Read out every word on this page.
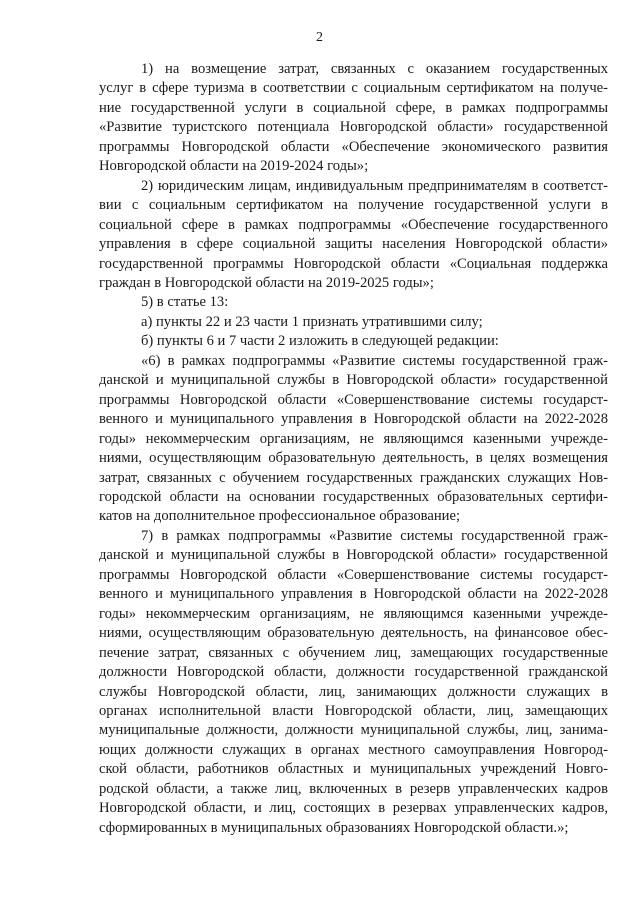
2
1) на возмещение затрат, связанных с оказанием государственных
услуг в сфере туризма в соответствии с социальным сертификатом на получе-
ние государственной услуги в социальной сфере, в рамках подпрограммы
«Развитие туристского потенциала Новгородской области» государственной
программы Новгородской области «Обеспечение экономического развития
Новгородской области на 2019-2024 годы»;
2) юридическим лицам, индивидуальным предпринимателям в соответст-
вии с социальным сертификатом на получение государственной услуги в
социальной сфере в рамках подпрограммы «Обеспечение государственного
управления в сфере социальной защиты населения Новгородской области»
государственной программы Новгородской области «Социальная поддержка
граждан в Новгородской области на 2019-2025 годы»;
5) в статье 13:
а) пункты 22 и 23 части 1 признать утратившими силу;
б) пункты 6 и 7 части 2 изложить в следующей редакции:
«6) в рамках подпрограммы «Развитие системы государственной граж-
данской и муниципальной службы в Новгородской области» государственной
программы Новгородской области «Совершенствование системы государст-
венного и муниципального управления в Новгородской области на 2022-2028
годы» некоммерческим организациям, не являющимся казенными учрежде-
ниями, осуществляющим образовательную деятельность, в целях возмещения
затрат, связанных с обучением государственных гражданских служащих Нов-
городской области на основании государственных образовательных сертифи-
катов на дополнительное профессиональное образование;
7) в рамках подпрограммы «Развитие системы государственной граж-
данской и муниципальной службы в Новгородской области» государственной
программы Новгородской области «Совершенствование системы государст-
венного и муниципального управления в Новгородской области на 2022-2028
годы» некоммерческим организациям, не являющимся казенными учрежде-
ниями, осуществляющим образовательную деятельность, на финансовое обес-
печение затрат, связанных с обучением лиц, замещающих государственные
должности Новгородской области, должности государственной гражданской
службы Новгородской области, лиц, занимающих должности служащих в
органах исполнительной власти Новгородской области, лиц, замещающих
муниципальные должности, должности муниципальной службы, лиц, занима-
ющих должности служащих в органах местного самоуправления Новгород-
ской области, работников областных и муниципальных учреждений Новго-
родской области, а также лиц, включенных в резерв управленческих кадров
Новгородской области, и лиц, состоящих в резервах управленческих кадров,
сформированных в муниципальных образованиях Новгородской области.»;
